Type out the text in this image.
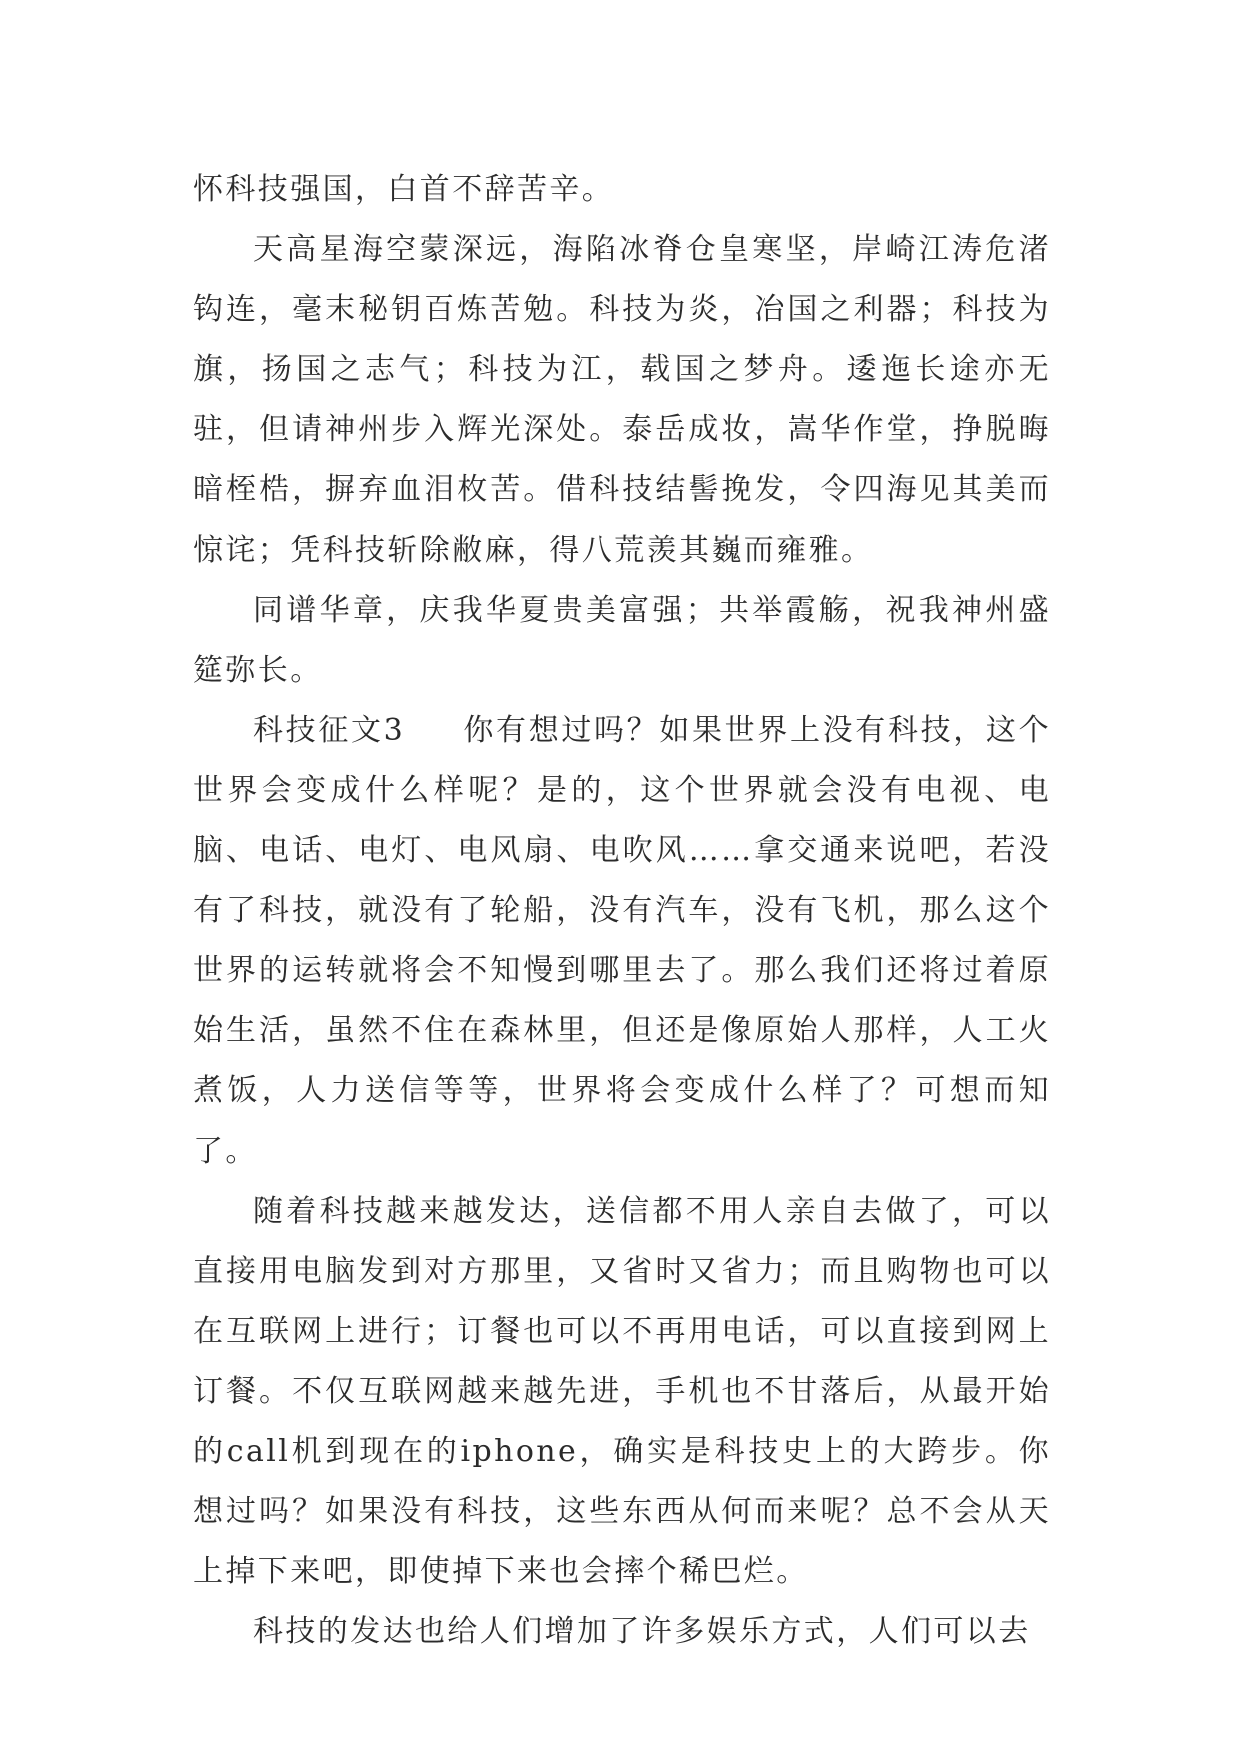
怀科技强国，白首不辞苦辛。

天高星海空蒙深远，海陷冰脊仓皇寒坚，岸崎江涛危渚钩连，毫末秘钥百炼苦勉。科技为炎，冶国之利器；科技为旗，扬国之志气；科技为江，载国之梦舟。逶迤长途亦无驻，但请神州步入辉光深处。泰岳成妆，嵩华作堂，挣脱晦暗桎梏，摒弃血泪枚苦。借科技结髻挽发，令四海见其美而惊诧；凭科技斩除敝麻，得八荒羡其巍而雍雅。

同谱华章，庆我华夏贵美富强；共举霞觞，祝我神州盛筵弥长。

科技征文3 你有想过吗？如果世界上没有科技，这个世界会变成什么样呢？是的，这个世界就会没有电视、电脑、电话、电灯、电风扇、电吹风……拿交通来说吧，若没有了科技，就没有了轮船，没有汽车，没有飞机，那么这个世界的运转就将会不知慢到哪里去了。那么我们还将过着原始生活，虽然不住在森林里，但还是像原始人那样，人工火煮饭，人力送信等等，世界将会变成什么样了？可想而知了。

随着科技越来越发达，送信都不用人亲自去做了，可以直接用电脑发到对方那里，又省时又省力；而且购物也可以在互联网上进行；订餐也可以不再用电话，可以直接到网上订餐。不仅互联网越来越先进，手机也不甘落后，从最开始的call机到现在的iphone，确实是科技史上的大跨步。你想过吗？如果没有科技，这些东西从何而来呢？总不会从天上掉下来吧，即使掉下来也会摔个稀巴烂。

科技的发达也给人们增加了许多娱乐方式，人们可以去
